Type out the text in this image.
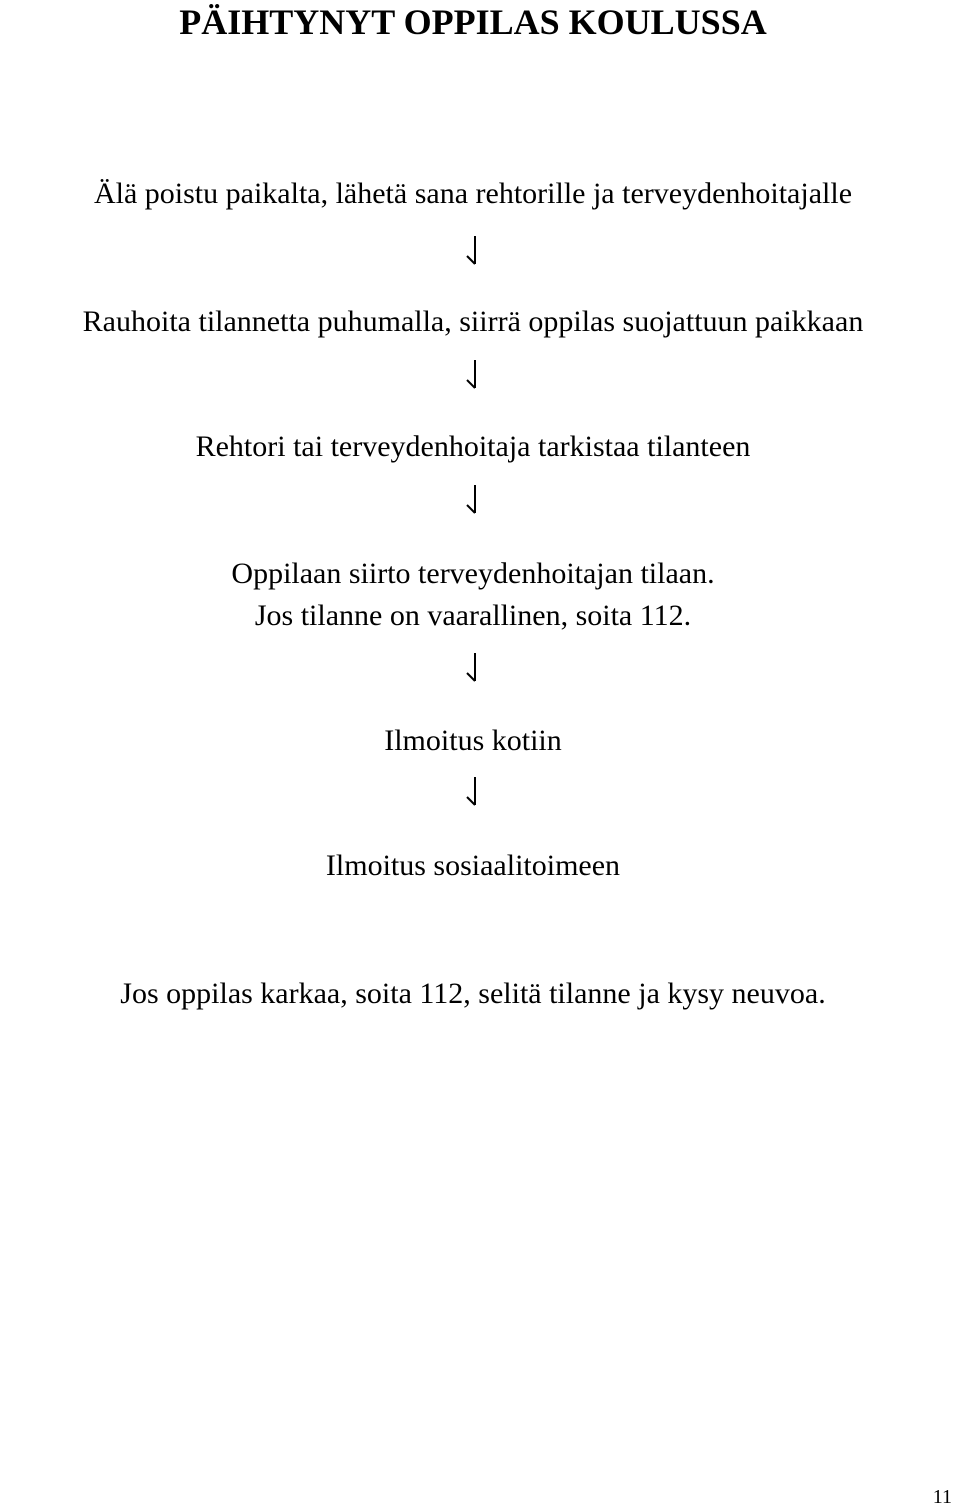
PÄIHTYNYT OPPILAS KOULUSSA
Älä poistu paikalta, lähetä sana rehtorille ja terveydenhoitajalle
Rauhoita tilannetta puhumalla, siirrä oppilas suojattuun paikkaan
Rehtori tai terveydenhoitaja tarkistaa tilanteen
Oppilaan siirto terveydenhoitajan tilaan.
Jos tilanne on vaarallinen, soita 112.
Ilmoitus kotiin
Ilmoitus sosiaalitoimeen
Jos oppilas karkaa, soita 112, selitä tilanne ja kysy neuvoa.
11
